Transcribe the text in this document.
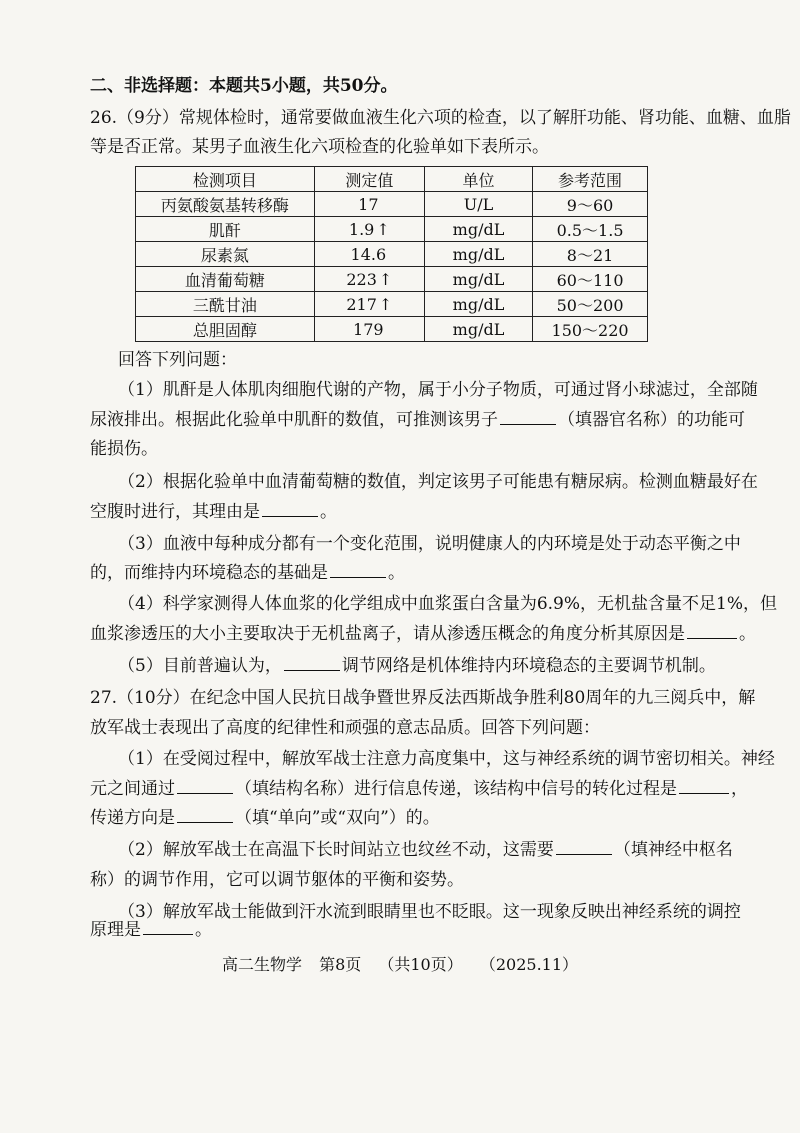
二、非选择题：本题共5小题，共50分。
26.（9分）常规体检时，通常要做血液生化六项的检查，以了解肝功能、肾功能、血糖、血脂
等是否正常。某男子血液生化六项检查的化验单如下表所示。
检测项目	测定值	单位	参考范围
丙氨酸氨基转移酶	17	U/L	9～60
肌酐	1.9 ↑	mg/dL	0.5～1.5
尿素氮	14.6	mg/dL	8～21
血清葡萄糖	223 ↑	mg/dL	60～110
三酰甘油	217 ↑	mg/dL	50～200
总胆固醇	179	mg/dL	150～220
回答下列问题：
（1）肌酐是人体肌肉细胞代谢的产物，属于小分子物质，可通过肾小球滤过，全部随
尿液排出。根据此化验单中肌酐的数值，可推测该男子	（填器官名称）的功能可
能损伤。
（2）根据化验单中血清葡萄糖的数值，判定该男子可能患有糖尿病。检测血糖最好在
空腹时进行，其理由是	。
（3）血液中每种成分都有一个变化范围，说明健康人的内环境是处于动态平衡之中
的，而维持内环境稳态的基础是	。
（4）科学家测得人体血浆的化学组成中血浆蛋白含量为6.9%，无机盐含量不足1%，但
血浆渗透压的大小主要取决于无机盐离子，请从渗透压概念的角度分析其原因是	。
（5）目前普遍认为，	调节网络是机体维持内环境稳态的主要调节机制。
27.（10分）在纪念中国人民抗日战争暨世界反法西斯战争胜利80周年的九三阅兵中，解
放军战士表现出了高度的纪律性和顽强的意志品质。回答下列问题：
（1）在受阅过程中，解放军战士注意力高度集中，这与神经系统的调节密切相关。神经
元之间通过	（填结构名称）进行信息传递，该结构中信号的转化过程是	，
传递方向是	（填“单向”或“双向”）的。
（2）解放军战士在高温下长时间站立也纹丝不动，这需要	（填神经中枢名
称）的调节作用，它可以调节躯体的平衡和姿势。
（3）解放军战士能做到汗水流到眼睛里也不眨眼。这一现象反映出神经系统的调控
原理是	。
高二生物学 第8页 （共10页） （2025.11）
